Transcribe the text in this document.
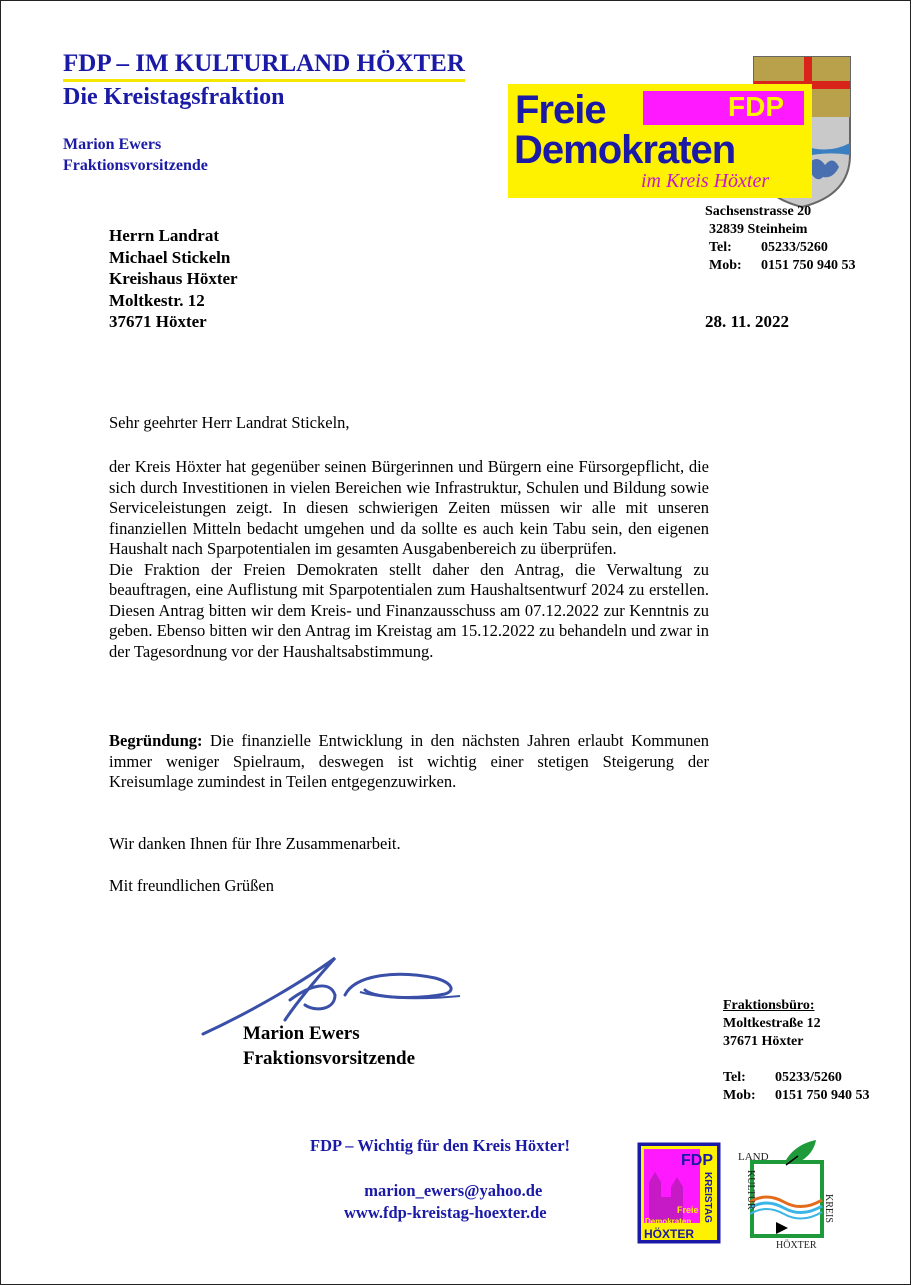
FDP – IM KULTURLAND HÖXTER
Die Kreistagsfraktion
Marion Ewers
Fraktionsvorsitzende
Freie	FDP
Demokraten
im Kreis Höxter
Sachsenstrasse 20
32839 Steinheim
Tel: 05233/5260
Mob: 0151 750 940 53
Herrn Landrat
Michael Stickeln
Kreishaus Höxter
Moltkestr. 12
37671 Höxter	28. 11. 2022

Sehr geehrter Herr Landrat Stickeln,

der Kreis Höxter hat gegenüber seinen Bürgerinnen und Bürgern eine Fürsorgepflicht, die sich durch Investitionen in vielen Bereichen wie Infrastruktur, Schulen und Bildung sowie Serviceleistungen zeigt. In diesen schwierigen Zeiten müssen wir alle mit unseren finanziellen Mitteln bedacht umgehen und da sollte es auch kein Tabu sein, den eigenen Haushalt nach Sparpotentialen im gesamten Ausgabenbereich zu überprüfen.

Die Fraktion der Freien Demokraten stellt daher den Antrag, die Verwaltung zu beauftragen, eine Auflistung mit Sparpotentialen zum Haushaltsentwurf 2024 zu erstellen. Diesen Antrag bitten wir dem Kreis- und Finanzausschuss am 07.12.2022 zur Kenntnis zu geben. Ebenso bitten wir den Antrag im Kreistag am 15.12.2022 zu behandeln und zwar in der Tagesordnung vor der Haushaltsabstimmung.

Begründung: Die finanzielle Entwicklung in den nächsten Jahren erlaubt Kommunen immer weniger Spielraum, deswegen ist wichtig einer stetigen Steigerung der Kreisumlage zumindest in Teilen entgegenzuwirken.

Wir danken Ihnen für Ihre Zusammenarbeit.
Mit freundlichen Grüßen
Marion Ewers
Fraktionsvorsitzende
Fraktionsbüro:
Moltkestraße 12
37671 Höxter
Tel: 05233/5260
Mob: 0151 750 940 53
FDP – Wichtig für den Kreis Höxter!
marion_ewers@yahoo.de
www.fdp-kreistag-hoexter.de
FDP
Freie
Demokraten
HÖXTER
KREISTAG
LAND
KULTUR	KREIS
HÖXTER
